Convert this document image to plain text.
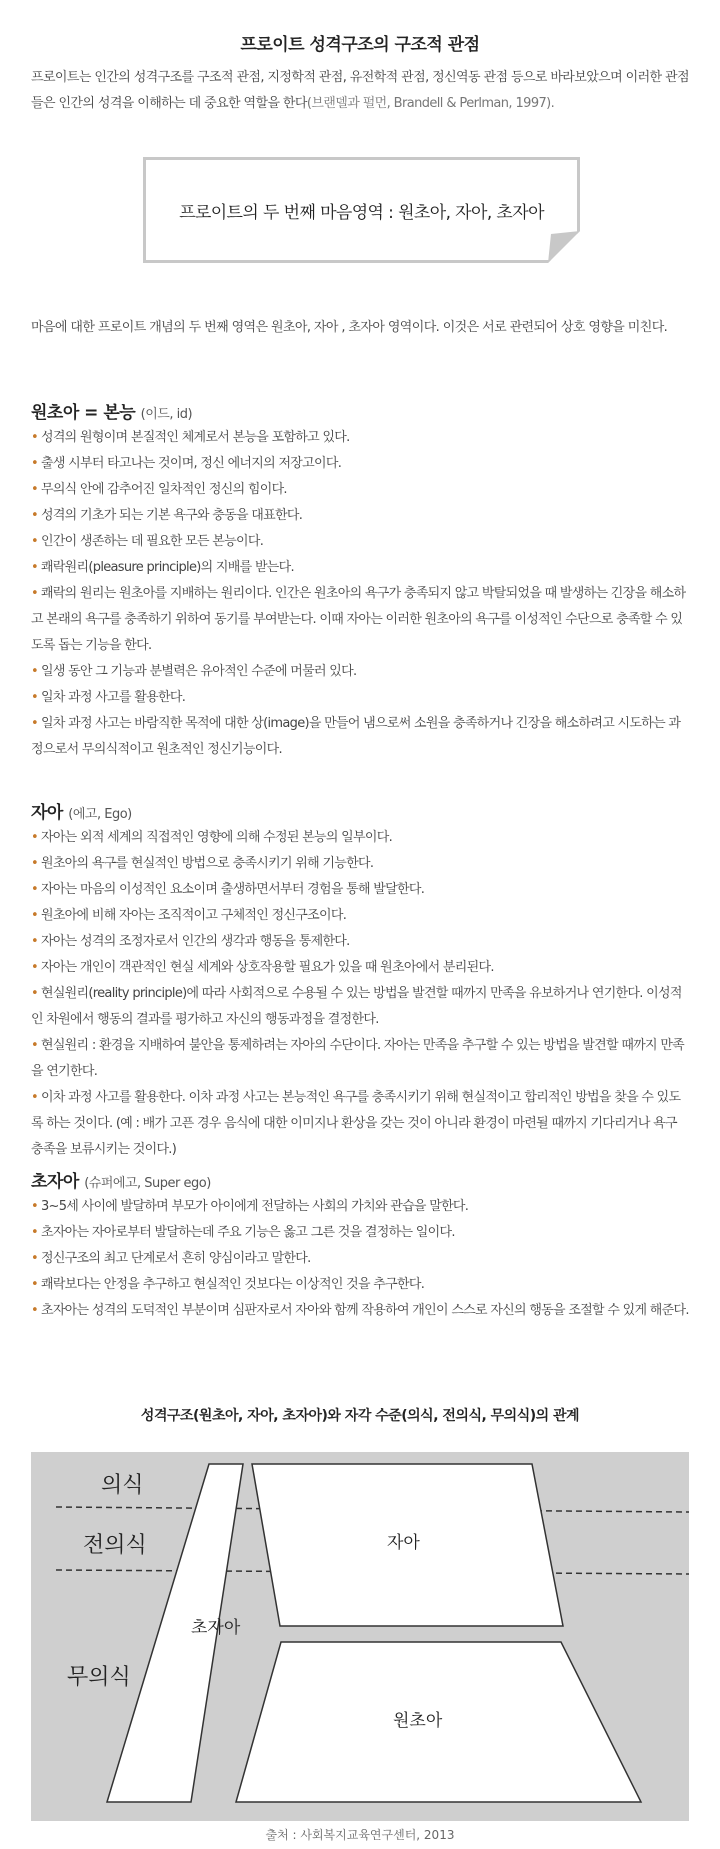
프로이트 성격구조의 구조적 관점
프로이트는 인간의 성격구조를 구조적 관점, 지정학적 관점, 유전학적 관점, 정신역동 관점 등으로 바라보았으며 이러한 관점들은 인간의 성격을 이해하는 데 중요한 역할을 한다(브랜델과 펄먼, Brandell & Perlman, 1997).
프로이트의 두 번째 마음영역 : 원초아, 자아, 초자아
마음에 대한 프로이트 개념의 두 번째 영역은 원초아, 자아 , 초자아 영역이다. 이것은 서로 관련되어 상호 영향을 미친다.
원초아 = 본능 (이드, id)
• 성격의 원형이며 본질적인 체계로서 본능을 포함하고 있다.
• 출생 시부터 타고나는 것이며, 정신 에너지의 저장고이다.
• 무의식 안에 감추어진 일차적인 정신의 힘이다.
• 성격의 기초가 되는 기본 욕구와 충동을 대표한다.
• 인간이 생존하는 데 필요한 모든 본능이다.
• 쾌락원리(pleasure principle)의 지배를 받는다.
• 쾌락의 원리는 원초아를 지배하는 원리이다. 인간은 원초아의 욕구가 충족되지 않고 박탈되었을 때 발생하는 긴장을 해소하고 본래의 욕구를 충족하기 위하여 동기를 부여받는다. 이때 자아는 이러한 원초아의 욕구를 이성적인 수단으로 충족할 수 있도록 돕는 기능을 한다.
• 일생 동안 그 기능과 분별력은 유아적인 수준에 머물러 있다.
• 일차 과정 사고를 활용한다.
• 일차 과정 사고는 바람직한 목적에 대한 상(image)을 만들어 냄으로써 소원을 충족하거나 긴장을 해소하려고 시도하는 과정으로서 무의식적이고 원초적인 정신기능이다.
자아 (에고, Ego)
• 자아는 외적 세계의 직접적인 영향에 의해 수정된 본능의 일부이다.
• 원초아의 욕구를 현실적인 방법으로 충족시키기 위해 기능한다.
• 자아는 마음의 이성적인 요소이며 출생하면서부터 경험을 통해 발달한다.
• 원초아에 비해 자아는 조직적이고 구체적인 정신구조이다.
• 자아는 성격의 조정자로서 인간의 생각과 행동을 통제한다.
• 자아는 개인이 객관적인 현실 세계와 상호작용할 필요가 있을 때 원초아에서 분리된다.
• 현실원리(reality principle)에 따라 사회적으로 수용될 수 있는 방법을 발견할 때까지 만족을 유보하거나 연기한다. 이성적인 차원에서 행동의 결과를 평가하고 자신의 행동과정을 결정한다.
• 현실원리 : 환경을 지배하여 불안을 통제하려는 자아의 수단이다. 자아는 만족을 추구할 수 있는 방법을 발견할 때까지 만족을 연기한다.
• 이차 과정 사고를 활용한다. 이차 과정 사고는 본능적인 욕구를 충족시키기 위해 현실적이고 합리적인 방법을 찾을 수 있도록 하는 것이다. (예 : 배가 고픈 경우 음식에 대한 이미지나 환상을 갖는 것이 아니라 환경이 마련될 때까지 기다리거나 욕구 충족을 보류시키는 것이다.)
초자아 (슈퍼에고, Super ego)
• 3~5세 사이에 발달하며 부모가 아이에게 전달하는 사회의 가치와 관습을 말한다.
• 초자아는 자아로부터 발달하는데 주요 기능은 옳고 그른 것을 결정하는 일이다.
• 정신구조의 최고 단계로서 흔히 양심이라고 말한다.
• 쾌락보다는 안정을 추구하고 현실적인 것보다는 이상적인 것을 추구한다.
• 초자아는 성격의 도덕적인 부분이며 심판자로서 자아와 함께 작용하여 개인이 스스로 자신의 행동을 조절할 수 있게 해준다.
성격구조(원초아, 자아, 초자아)와 자각 수준(의식, 전의식, 무의식)의 관계
의식
전의식
무의식
자아
초자아
원초아
출처 : 사회복지교육연구센터, 2013
